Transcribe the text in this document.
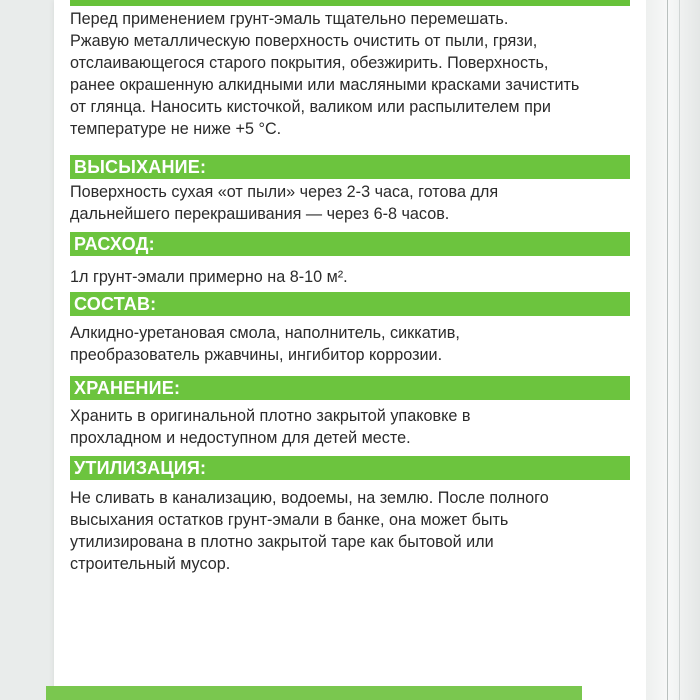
Перед применением грунт-эмаль тщательно перемешать.
Ржавую металлическую поверхность очистить от пыли, грязи,
отслаивающегося старого покрытия, обезжирить. Поверхность,
ранее окрашенную алкидными или масляными красками зачистить
от глянца. Наносить кисточкой, валиком или распылителем при
температуре не ниже +5 °С.

ВЫСЫХАНИЕ:

Поверхность сухая «от пыли» через 2-3 часа, готова для
дальнейшего перекрашивания — через 6-8 часов.

РАСХОД:

1л грунт-эмали примерно на 8-10 м².

СОСТАВ:

Алкидно-уретановая смола, наполнитель, сиккатив,
преобразователь ржавчины, ингибитор коррозии.

ХРАНЕНИЕ:

Хранить в оригинальной плотно закрытой упаковке в
прохладном и недоступном для детей месте.

УТИЛИЗАЦИЯ:

Не сливать в канализацию, водоемы, на землю. После полного
высыхания остатков грунт-эмали в банке, она может быть
утилизирована в плотно закрытой таре как бытовой или
строительный мусор.
